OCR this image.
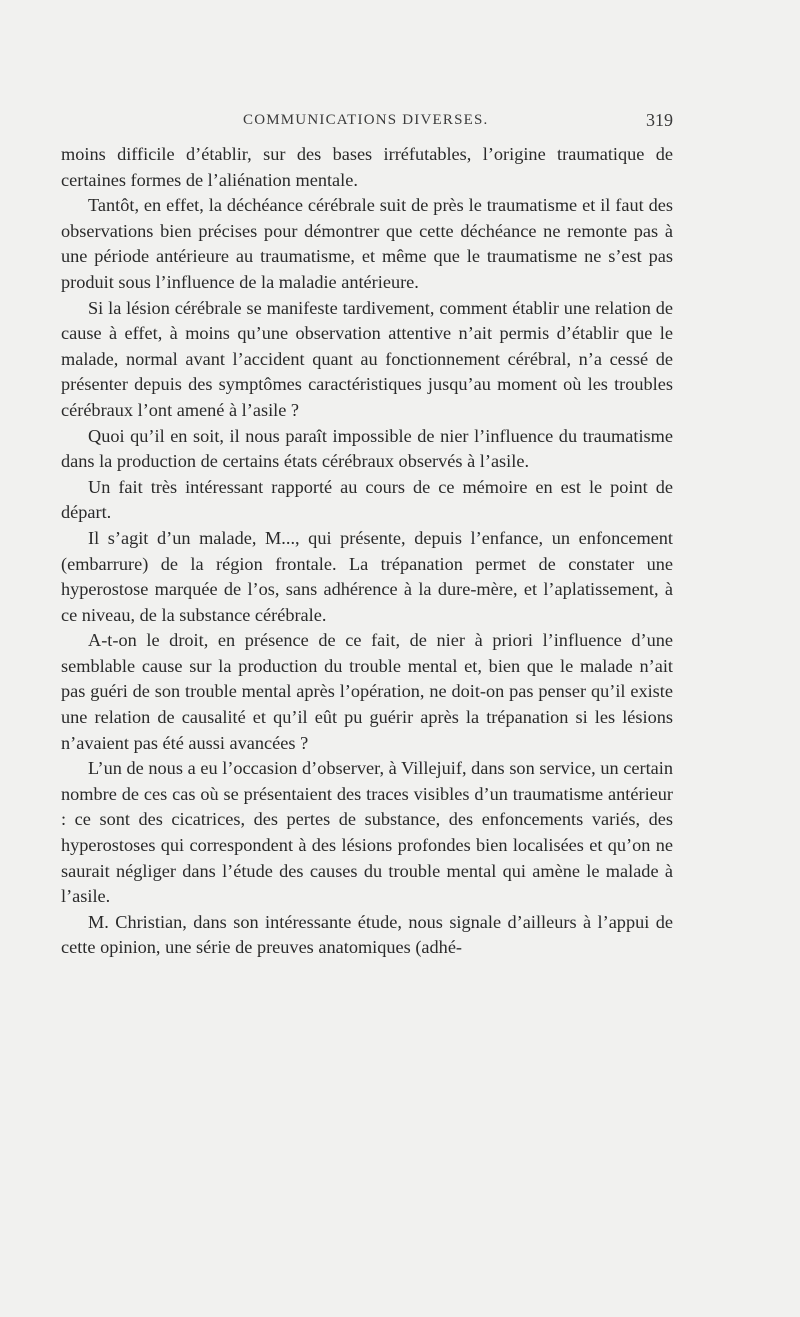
COMMUNICATIONS DIVERSES.	319

moins difficile d’établir, sur des bases irréfutables, l’origine traumatique de certaines formes de l’aliénation mentale.

Tantôt, en effet, la déchéance cérébrale suit de près le traumatisme et il faut des observations bien précises pour démontrer que cette déchéance ne remonte pas à une période antérieure au traumatisme, et même que le traumatisme ne s’est pas produit sous l’influence de la maladie antérieure.

Si la lésion cérébrale se manifeste tardivement, comment établir une relation de cause à effet, à moins qu’une observation attentive n’ait permis d’établir que le malade, normal avant l’accident quant au fonctionnement cérébral, n’a cessé de présenter depuis des symptômes caractéristiques jusqu’au moment où les troubles cérébraux l’ont amené à l’asile ?

Quoi qu’il en soit, il nous paraît impossible de nier l’influence du traumatisme dans la production de certains états cérébraux observés à l’asile.

Un fait très intéressant rapporté au cours de ce mémoire en est le point de départ.

Il s’agit d’un malade, M..., qui présente, depuis l’enfance, un enfoncement (embarrure) de la région frontale. La trépanation permet de constater une hyperostose marquée de l’os, sans adhérence à la dure-mère, et l’aplatissement, à ce niveau, de la substance cérébrale.

A-t-on le droit, en présence de ce fait, de nier à priori l’influence d’une semblable cause sur la production du trouble mental et, bien que le malade n’ait pas guéri de son trouble mental après l’opération, ne doit-on pas penser qu’il existe une relation de causalité et qu’il eût pu guérir après la trépanation si les lésions n’avaient pas été aussi avancées ?

L’un de nous a eu l’occasion d’observer, à Villejuif, dans son service, un certain nombre de ces cas où se présentaient des traces visibles d’un traumatisme antérieur : ce sont des cicatrices, des pertes de substance, des enfoncements variés, des hyperostoses qui correspondent à des lésions profondes bien localisées et qu’on ne saurait négliger dans l’étude des causes du trouble mental qui amène le malade à l’asile.

M. Christian, dans son intéressante étude, nous signale d’ailleurs à l’appui de cette opinion, une série de preuves anatomiques (adhé-
